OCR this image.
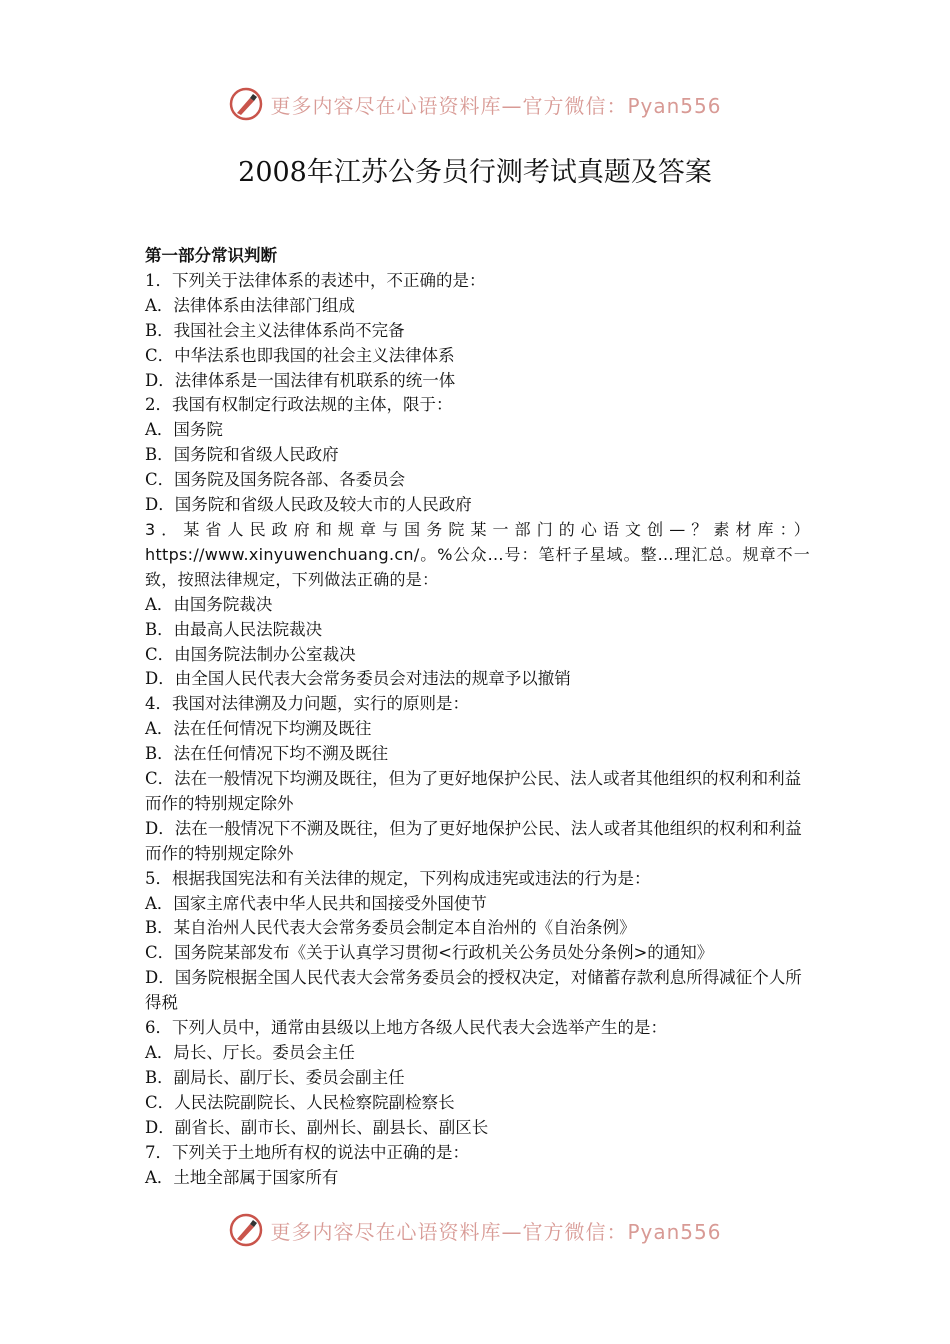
更多内容尽在心语资料库—官方微信：Pyan556
2008年江苏公务员行测考试真题及答案

第一部分常识判断

1．下列关于法律体系的表述中，不正确的是：

A．法律体系由法律部门组成

B．我国社会主义法律体系尚不完备

C．中华法系也即我国的社会主义法律体系

D．法律体系是一国法律有机联系的统一体

2．我国有权制定行政法规的主体，限于：

A．国务院

B．国务院和省级人民政府

C．国务院及国务院各部、各委员会

D．国务院和省级人民政及较大市的人民政府

3．某省人民政府和规章与国务院某一部门的心语文创—？素材库：）https://www.xinyuwenchuang.cn/。%公众...号：笔杆子星域。整...理汇总。规章不一致，按照法律规定，下列做法正确的是：

A．由国务院裁决

B．由最高人民法院裁决

C．由国务院法制办公室裁决

D．由全国人民代表大会常务委员会对违法的规章予以撤销

4．我国对法律溯及力问题，实行的原则是：

A．法在任何情况下均溯及既往

B．法在任何情况下均不溯及既往

C．法在一般情况下均溯及既往，但为了更好地保护公民、法人或者其他组织的权利和利益而作的特别规定除外

D．法在一般情况下不溯及既往，但为了更好地保护公民、法人或者其他组织的权利和利益而作的特别规定除外

5．根据我国宪法和有关法律的规定，下列构成违宪或违法的行为是：

A．国家主席代表中华人民共和国接受外国使节

B．某自治州人民代表大会常务委员会制定本自治州的《自治条例》

C．国务院某部发布《关于认真学习贯彻<行政机关公务员处分条例>的通知》

D．国务院根据全国人民代表大会常务委员会的授权决定，对储蓄存款利息所得减征个人所得税

6．下列人员中，通常由县级以上地方各级人民代表大会选举产生的是：

A．局长、厅长。委员会主任

B．副局长、副厅长、委员会副主任

C．人民法院副院长、人民检察院副检察长

D．副省长、副市长、副州长、副县长、副区长

7．下列关于土地所有权的说法中正确的是：

A．土地全部属于国家所有

更多内容尽在心语资料库—官方微信：Pyan556
